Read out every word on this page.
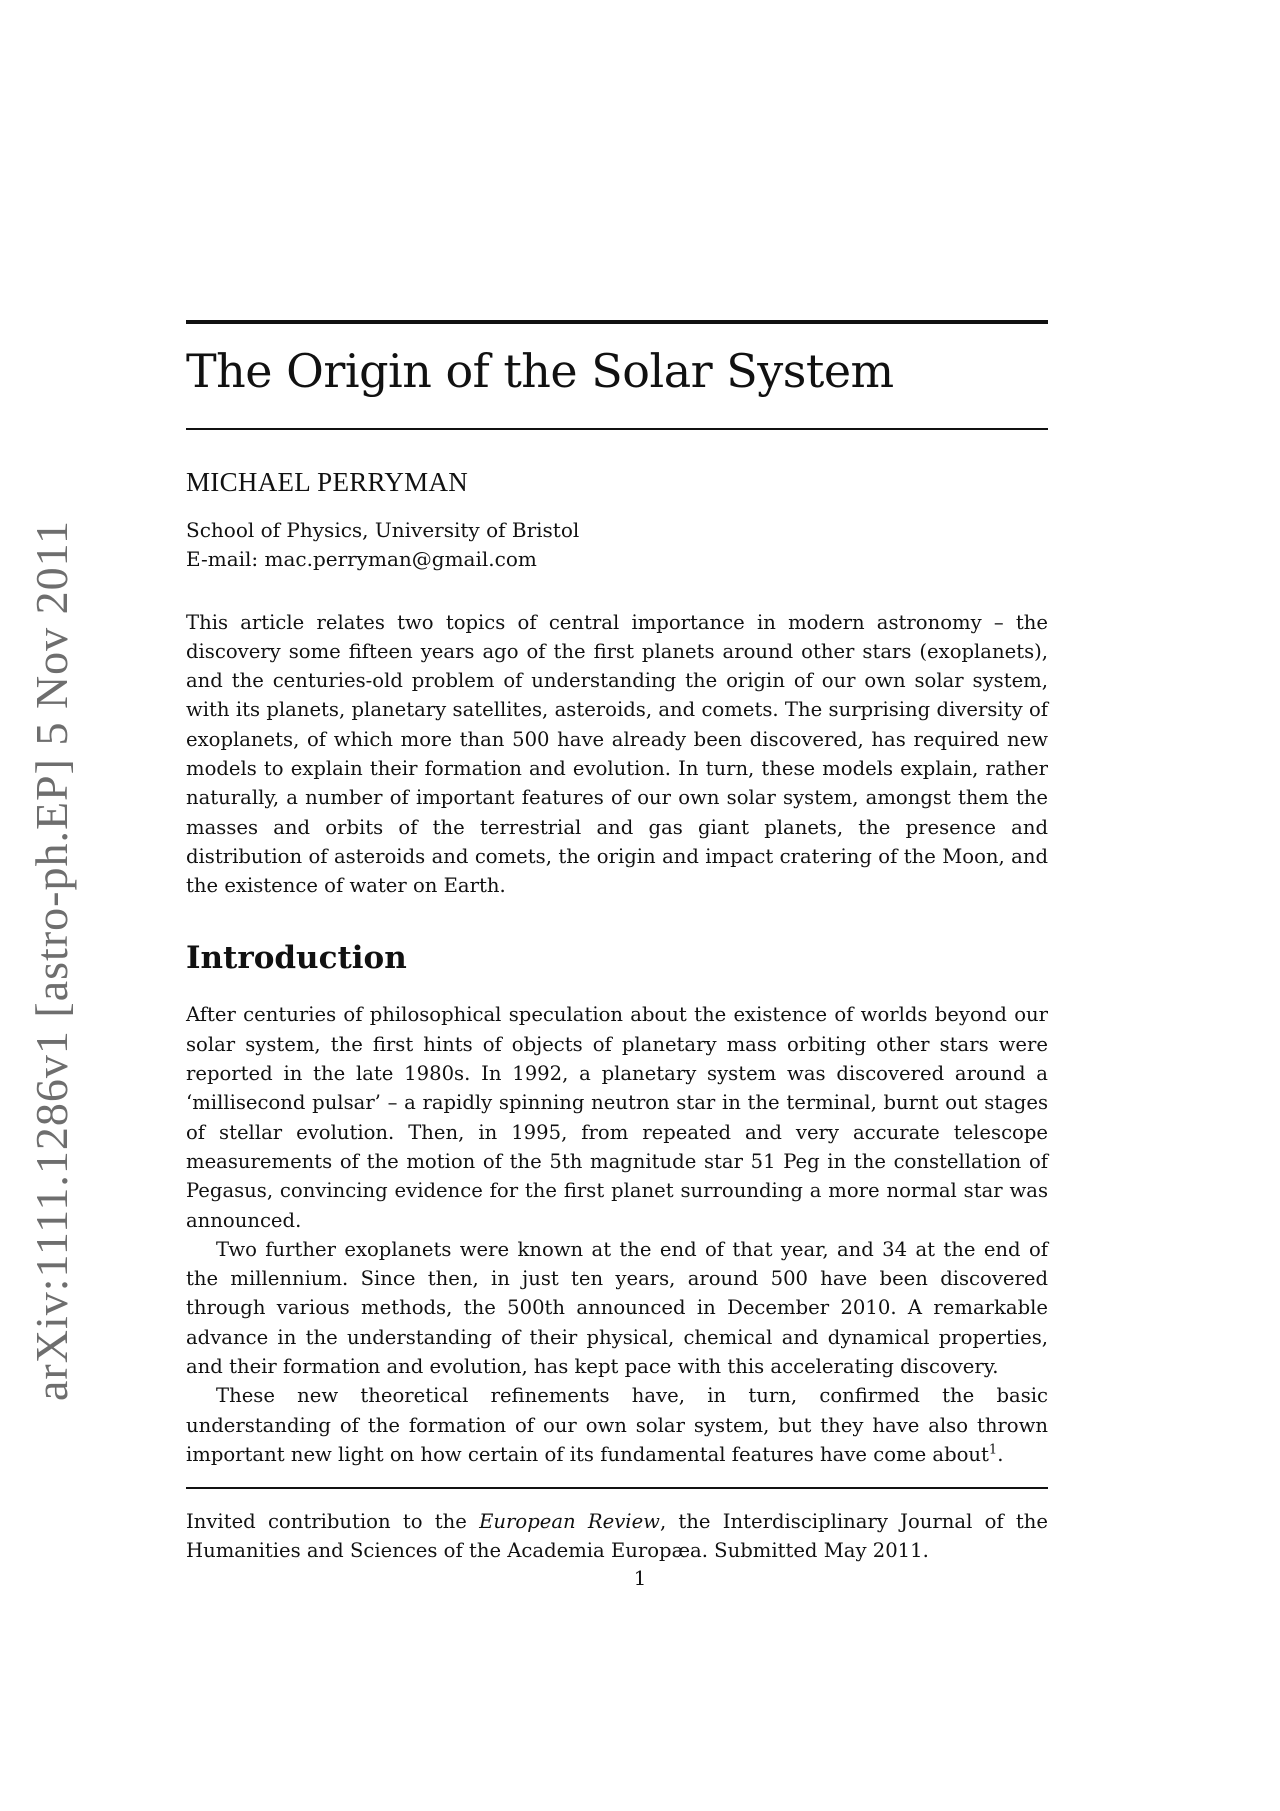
arXiv:1111.1286v1 [astro-ph.EP] 5 Nov 2011
The Origin of the Solar System
MICHAEL PERRYMAN
School of Physics, University of Bristol
E-mail: mac.perryman@gmail.com
This article relates two topics of central importance in modern astronomy – the discovery some fifteen years ago of the first planets around other stars (exoplanets), and the centuries-old problem of understanding the origin of our own solar system, with its planets, planetary satellites, asteroids, and comets. The surprising diversity of exoplanets, of which more than 500 have already been discovered, has required new models to explain their formation and evolution. In turn, these models explain, rather naturally, a number of important features of our own solar system, amongst them the masses and orbits of the terrestrial and gas giant planets, the presence and distribution of asteroids and comets, the origin and impact cratering of the Moon, and the existence of water on Earth.
Introduction

After centuries of philosophical speculation about the existence of worlds beyond our solar system, the first hints of objects of planetary mass orbiting other stars were reported in the late 1980s. In 1992, a planetary system was discovered around a ‘millisecond pulsar’ – a rapidly spinning neutron star in the terminal, burnt out stages of stellar evolution. Then, in 1995, from repeated and very accurate telescope measurements of the motion of the 5th magnitude star 51 Peg in the constellation of Pegasus, convincing evidence for the first planet surrounding a more normal star was announced.

Two further exoplanets were known at the end of that year, and 34 at the end of the millennium. Since then, in just ten years, around 500 have been discovered through various methods, the 500th announced in December 2010. A remarkable advance in the understanding of their physical, chemical and dynamical properties, and their formation and evolution, has kept pace with this accelerating discovery.

These new theoretical refinements have, in turn, confirmed the basic understanding of the formation of our own solar system, but they have also thrown important new light on how certain of its fundamental features have come about$^1$.

Invited contribution to the European Review, the Interdisciplinary Journal of the Humanities and Sciences of the Academia Europæa. Submitted May 2011.
1
